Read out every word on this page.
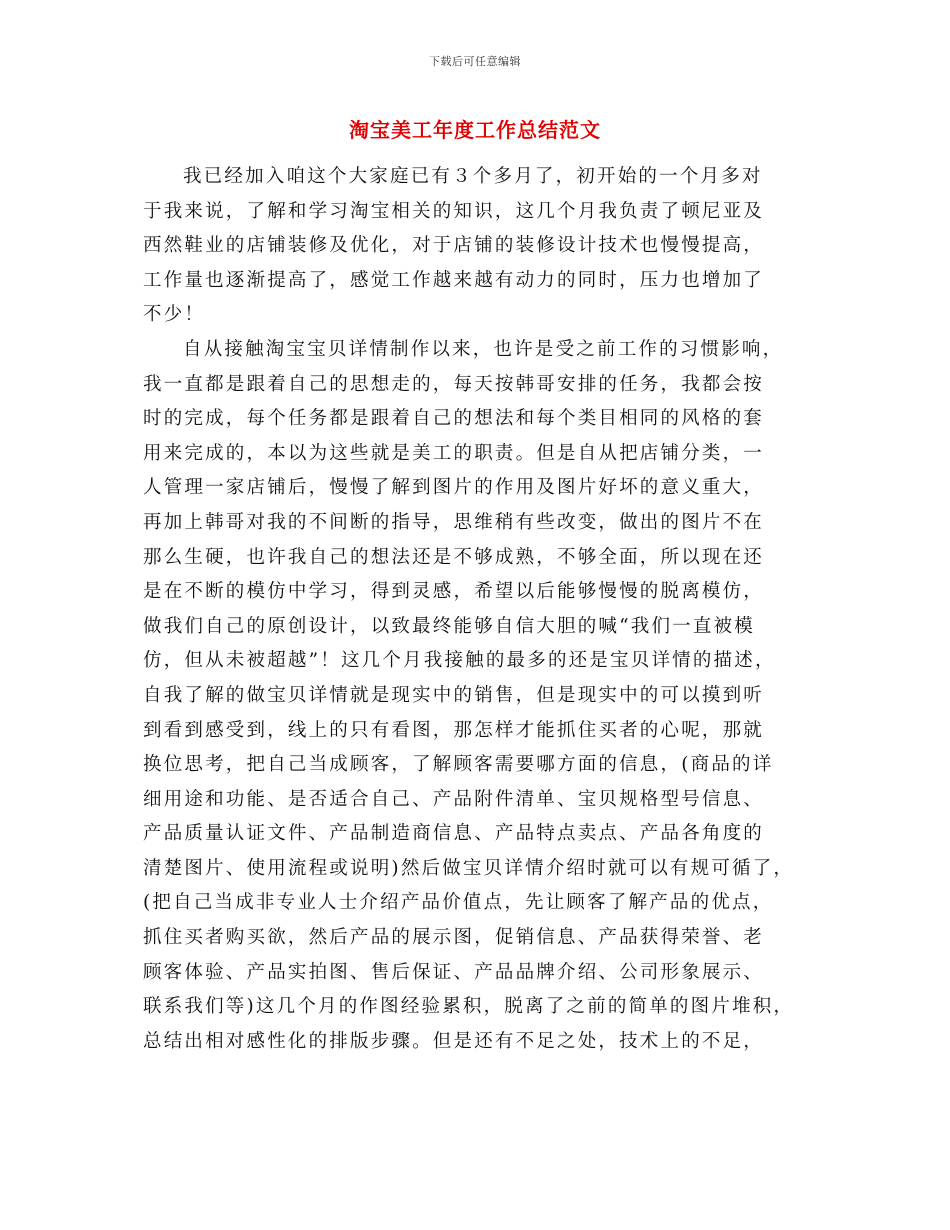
下载后可任意编辑
淘宝美工年度工作总结范文
我已经加入咱这个大家庭已有３个多月了，初开始的一个月多对
于我来说，了解和学习淘宝相关的知识，这几个月我负责了顿尼亚及
西然鞋业的店铺装修及优化，对于店铺的装修设计技术也慢慢提高，
工作量也逐渐提高了，感觉工作越来越有动力的同时，压力也增加了
不少！
自从接触淘宝宝贝详情制作以来，也许是受之前工作的习惯影响，
我一直都是跟着自己的思想走的，每天按韩哥安排的任务，我都会按
时的完成，每个任务都是跟着自己的想法和每个类目相同的风格的套
用来完成的，本以为这些就是美工的职责。但是自从把店铺分类，一
人管理一家店铺后，慢慢了解到图片的作用及图片好坏的意义重大，
再加上韩哥对我的不间断的指导，思维稍有些改变，做出的图片不在
那么生硬，也许我自己的想法还是不够成熟，不够全面，所以现在还
是在不断的模仿中学习，得到灵感，希望以后能够慢慢的脱离模仿，
做我们自己的原创设计，以致最终能够自信大胆的喊“我们一直被模
仿，但从未被超越”！这几个月我接触的最多的还是宝贝详情的描述，
自我了解的做宝贝详情就是现实中的销售，但是现实中的可以摸到听
到看到感受到，线上的只有看图，那怎样才能抓住买者的心呢，那就
换位思考，把自己当成顾客，了解顾客需要哪方面的信息，(商品的详
细用途和功能、是否适合自己、产品附件清单、宝贝规格型号信息、
产品质量认证文件、产品制造商信息、产品特点卖点、产品各角度的
清楚图片、使用流程或说明)然后做宝贝详情介绍时就可以有规可循了，
(把自己当成非专业人士介绍产品价值点，先让顾客了解产品的优点，
抓住买者购买欲，然后产品的展示图，促销信息、产品获得荣誉、老
顾客体验、产品实拍图、售后保证、产品品牌介绍、公司形象展示、
联系我们等)这几个月的作图经验累积，脱离了之前的简单的图片堆积，
总结出相对感性化的排版步骤。但是还有不足之处，技术上的不足，
